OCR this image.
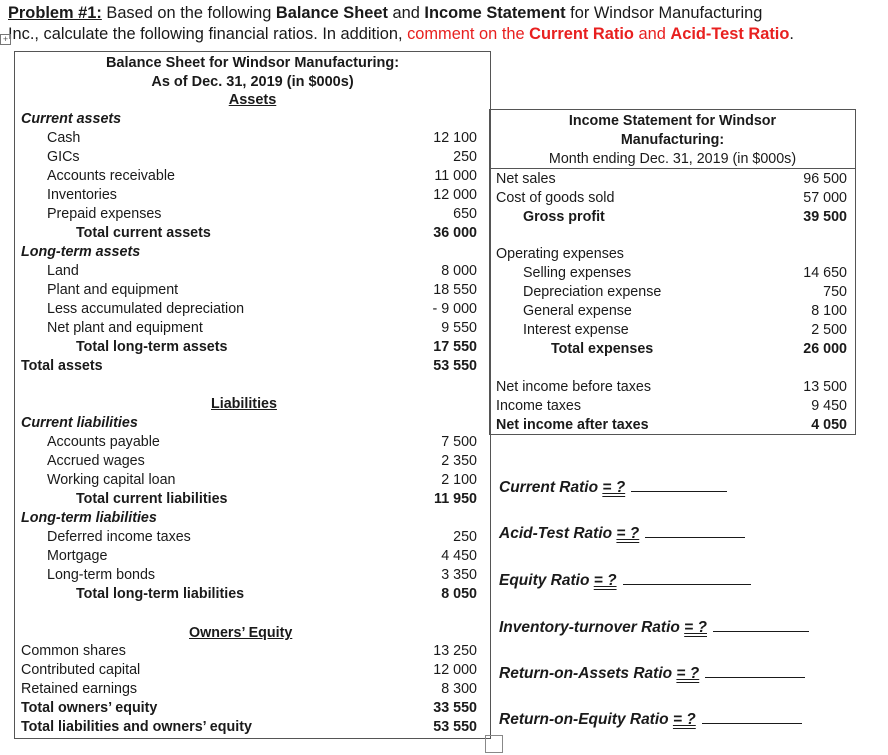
Problem #1: Based on the following Balance Sheet and Income Statement for Windsor Manufacturing
Inc., calculate the following financial ratios. In addition, comment on the Current Ratio and Acid-Test Ratio.
+
Balance Sheet for Windsor Manufacturing:
As of Dec. 31, 2019 (in $000s)
Assets
Current assets
Cash	12 100
GICs	250
Accounts receivable	11 000
Inventories	12 000
Prepaid expenses	650
Total current assets	36 000
Long-term assets
Land	8 000
Plant and equipment	18 550
Less accumulated depreciation	- 9 000
Net plant and equipment	9 550
Total long-term assets	17 550
Total assets	53 550
Liabilities
Current liabilities
Accounts payable	7 500
Accrued wages	2 350
Working capital loan	2 100
Total current liabilities	11 950
Long-term liabilities
Deferred income taxes	250
Mortgage	4 450
Long-term bonds	3 350
Total long-term liabilities	8 050
Owners’ Equity
Common shares	13 250
Contributed capital	12 000
Retained earnings	8 300
Total owners’ equity	33 550
Total liabilities and owners’ equity	53 550
Income Statement for Windsor
Manufacturing:
Month ending Dec. 31, 2019 (in $000s)
Net sales	96 500
Cost of goods sold	57 000
Gross profit	39 500
Operating expenses
Selling expenses	14 650
Depreciation expense	750
General expense	8 100
Interest expense	2 500
Total expenses	26 000
Net income before taxes	13 500
Income taxes	9 450
Net income after taxes	4 050
Current Ratio = ?
Acid-Test Ratio = ?
Equity Ratio = ?
Inventory-turnover Ratio = ?
Return-on-Assets Ratio = ?
Return-on-Equity Ratio = ?
